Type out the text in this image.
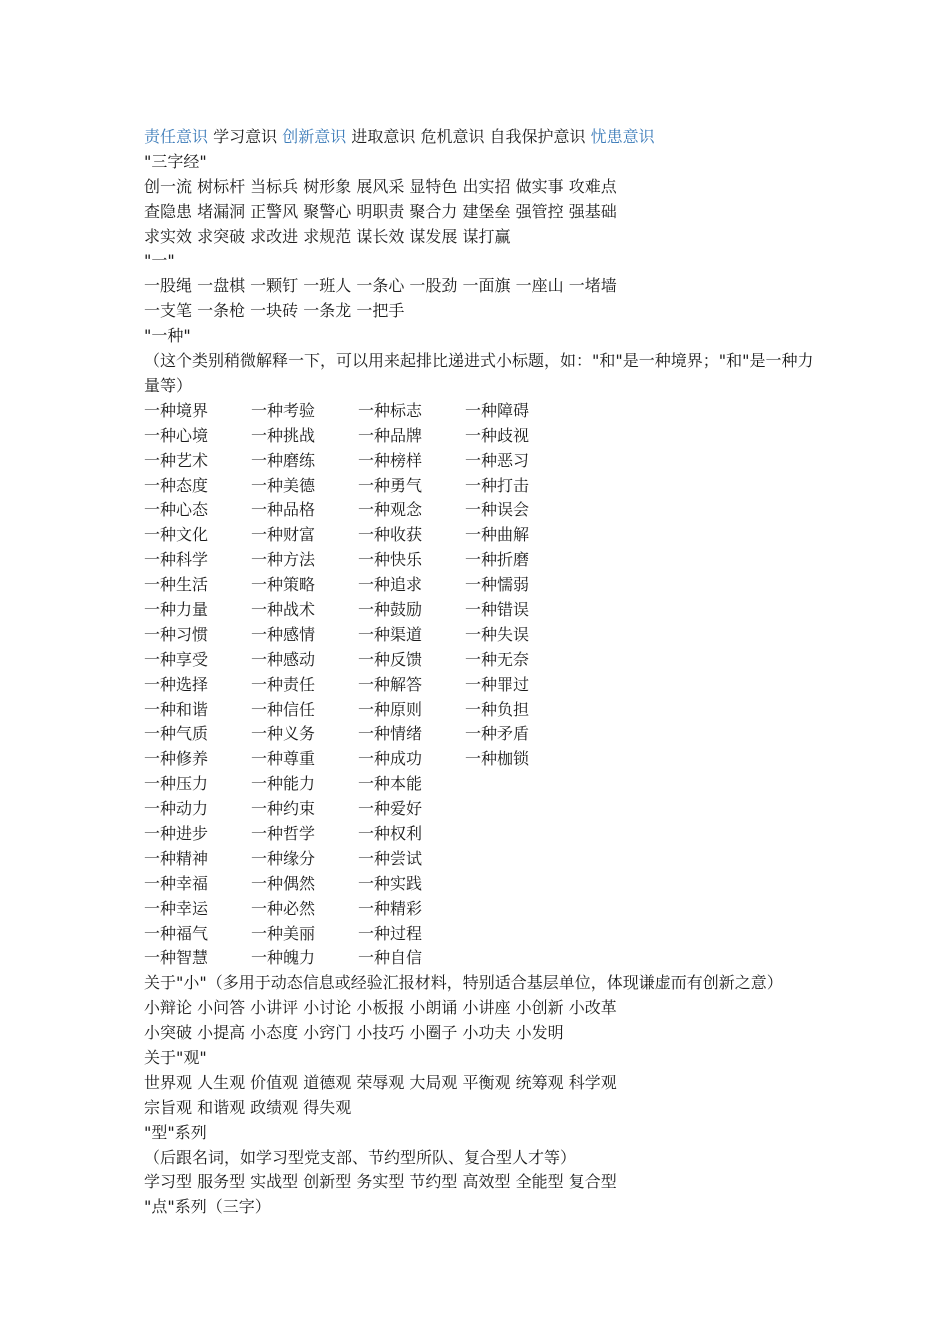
责任意识 学习意识 创新意识 进取意识 危机意识 自我保护意识 忧患意识
"三字经"
创一流 树标杆 当标兵 树形象 展风采 显特色 出实招 做实事 攻难点
查隐患 堵漏洞 正警风 聚警心 明职责 聚合力 建堡垒 强管控 强基础
求实效 求突破 求改进 求规范 谋长效 谋发展 谋打赢
"一"
一股绳 一盘棋 一颗钉 一班人 一条心 一股劲 一面旗 一座山 一堵墙
一支笔 一条枪 一块砖 一条龙 一把手
"一种"
（这个类别稍微解释一下，可以用来起排比递进式小标题，如："和"是一种境界；"和"是一种力量等）
一种境界	一种考验	一种标志	一种障碍
一种心境	一种挑战	一种品牌	一种歧视
一种艺术	一种磨练	一种榜样	一种恶习
一种态度	一种美德	一种勇气	一种打击
一种心态	一种品格	一种观念	一种误会
一种文化	一种财富	一种收获	一种曲解
一种科学	一种方法	一种快乐	一种折磨
一种生活	一种策略	一种追求	一种懦弱
一种力量	一种战术	一种鼓励	一种错误
一种习惯	一种感情	一种渠道	一种失误
一种享受	一种感动	一种反馈	一种无奈
一种选择	一种责任	一种解答	一种罪过
一种和谐	一种信任	一种原则	一种负担
一种气质	一种义务	一种情绪	一种矛盾
一种修养	一种尊重	一种成功	一种枷锁
一种压力	一种能力	一种本能
一种动力	一种约束	一种爱好
一种进步	一种哲学	一种权利
一种精神	一种缘分	一种尝试
一种幸福	一种偶然	一种实践
一种幸运	一种必然	一种精彩
一种福气	一种美丽	一种过程
一种智慧	一种魄力	一种自信
关于"小"（多用于动态信息或经验汇报材料，特别适合基层单位，体现谦虚而有创新之意）
小辩论 小问答 小讲评 小讨论 小板报 小朗诵 小讲座 小创新 小改革
小突破 小提高 小态度 小窍门 小技巧 小圈子 小功夫 小发明
关于"观"
世界观 人生观 价值观 道德观 荣辱观 大局观 平衡观 统筹观 科学观
宗旨观 和谐观 政绩观 得失观
"型"系列
（后跟名词，如学习型党支部、节约型所队、复合型人才等）
学习型 服务型 实战型 创新型 务实型 节约型 高效型 全能型 复合型
"点"系列（三字）
